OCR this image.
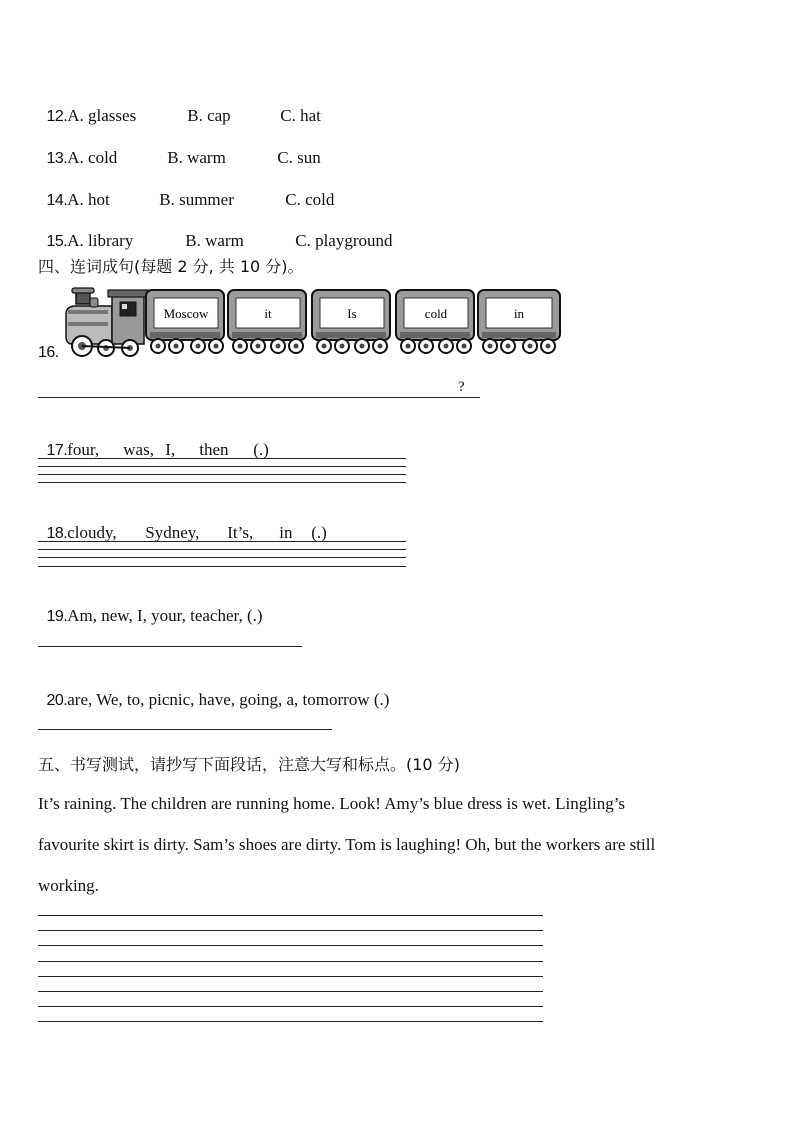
12.A. glasses	B. cap	C. hat

13.A. cold	B. warm	C. sun

14.A. hot	B. summer	C. cold

15.A. library	B. warm	C. playground

四、连词成句(每题 2 分, 共 10 分)。
16.
Moscow	it	Is	cold	in
?

17.four, was, I, then (.)

18.cloudy, Sydney, It’s, in (.)

19.Am, new, I, your, teacher, (.)

20.are, We, to, picnic, have, going, a, tomorrow (.)

五、书写测试，请抄写下面段话，注意大写和标点。(10 分)
It’s raining. The children are running home. Look! Amy’s blue dress is wet. Lingling’s
favourite skirt is dirty. Sam’s shoes are dirty. Tom is laughing! Oh, but the workers are still
working.
